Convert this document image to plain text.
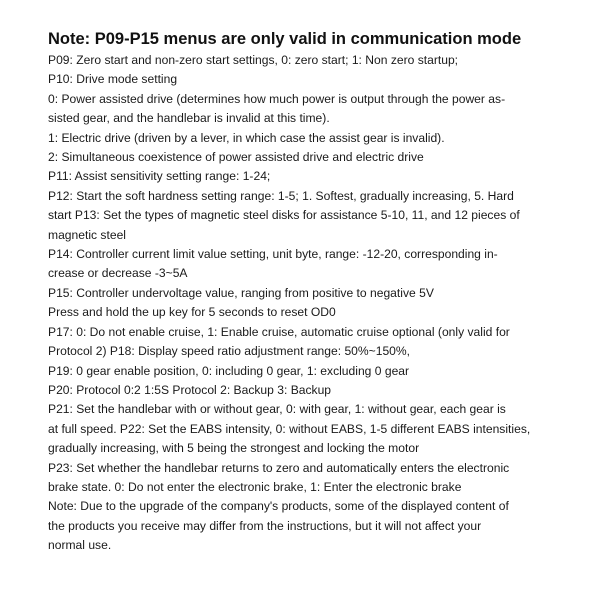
Note: P09-P15 menus are only valid in communication mode

P09: Zero start and non-zero start settings, 0: zero start; 1: Non zero startup;

P10: Drive mode setting

0: Power assisted drive (determines how much power is output through the power as-

sisted gear, and the handlebar is invalid at this time).

1: Electric drive (driven by a lever, in which case the assist gear is invalid).

2: Simultaneous coexistence of power assisted drive and electric drive

P11: Assist sensitivity setting range: 1-24;

P12: Start the soft hardness setting range: 1-5; 1. Softest, gradually increasing, 5. Hard

start P13: Set the types of magnetic steel disks for assistance 5-10, 11, and 12 pieces of

magnetic steel

P14: Controller current limit value setting, unit byte, range: -12-20, corresponding in-

crease or decrease -3~5A

P15: Controller undervoltage value, ranging from positive to negative 5V

Press and hold the up key for 5 seconds to reset OD0

P17: 0: Do not enable cruise, 1: Enable cruise, automatic cruise optional (only valid for

Protocol 2) P18: Display speed ratio adjustment range: 50%~150%,

P19: 0 gear enable position, 0: including 0 gear, 1: excluding 0 gear

P20: Protocol 0:2 1:5S Protocol 2: Backup 3: Backup

P21: Set the handlebar with or without gear, 0: with gear, 1: without gear, each gear is

at full speed. P22: Set the EABS intensity, 0: without EABS, 1-5 different EABS intensities,

gradually increasing, with 5 being the strongest and locking the motor

P23: Set whether the handlebar returns to zero and automatically enters the electronic

brake state. 0: Do not enter the electronic brake, 1: Enter the electronic brake

Note: Due to the upgrade of the company's products, some of the displayed content of

the products you receive may differ from the instructions, but it will not affect your

normal use.
